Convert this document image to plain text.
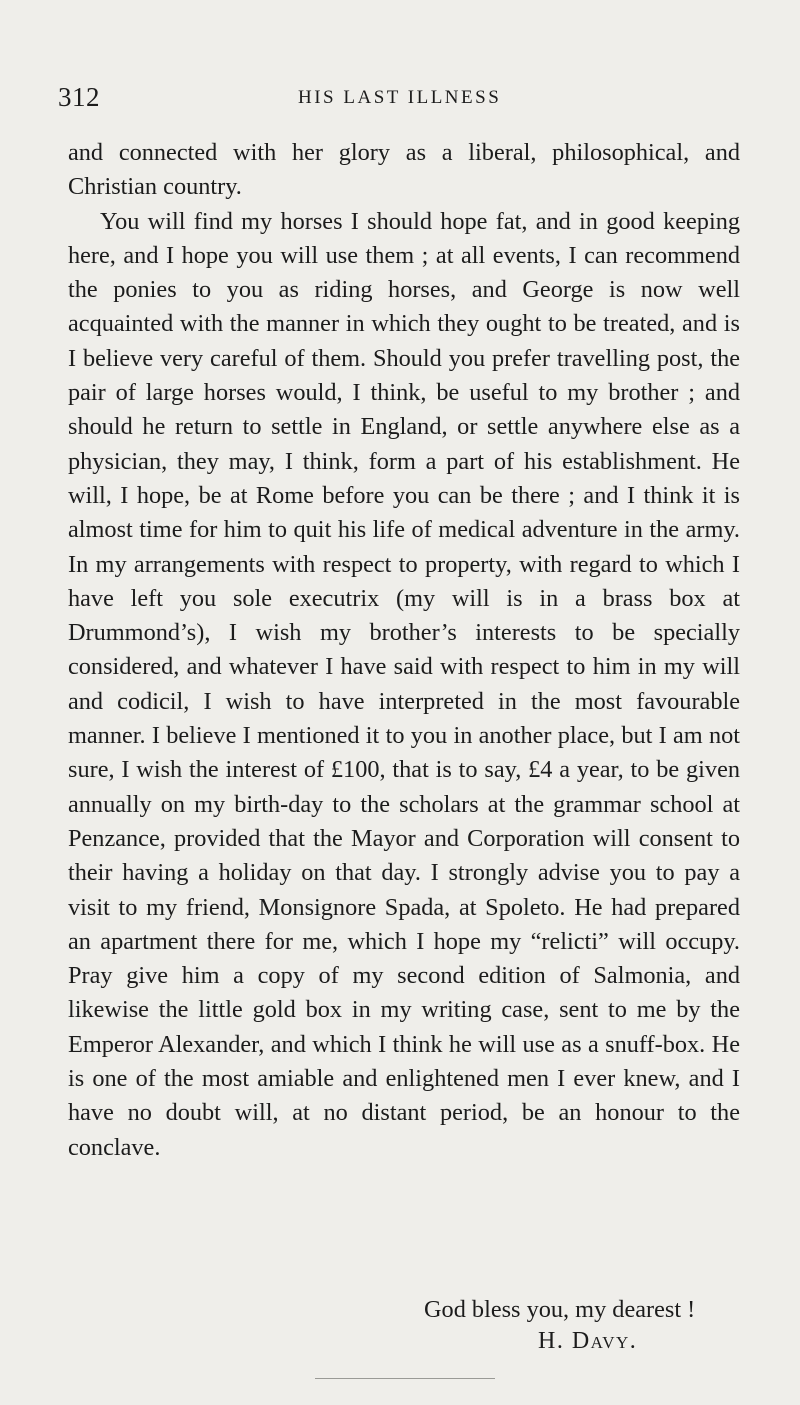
312	HIS LAST ILLNESS

and connected with her glory as a liberal, philosophical, and Christian country.

You will find my horses I should hope fat, and in good keeping here, and I hope you will use them ; at all events, I can recommend the ponies to you as riding horses, and George is now well acquainted with the manner in which they ought to be treated, and is I believe very careful of them. Should you prefer travelling post, the pair of large horses would, I think, be useful to my brother ; and should he return to settle in England, or settle anywhere else as a physician, they may, I think, form a part of his establishment. He will, I hope, be at Rome before you can be there ; and I think it is almost time for him to quit his life of medical adventure in the army. In my arrangements with respect to property, with regard to which I have left you sole executrix (my will is in a brass box at Drummond’s), I wish my brother’s interests to be specially considered, and whatever I have said with respect to him in my will and codicil, I wish to have interpreted in the most favourable manner. I believe I mentioned it to you in another place, but I am not sure, I wish the interest of £100, that is to say, £4 a year, to be given annually on my birth-day to the scholars at the grammar school at Penzance, provided that the Mayor and Corporation will consent to their having a holiday on that day. I strongly advise you to pay a visit to my friend, Monsignore Spada, at Spoleto. He had prepared an apartment there for me, which I hope my “relicti” will occupy. Pray give him a copy of my second edition of Salmonia, and likewise the little gold box in my writing case, sent to me by the Emperor Alexander, and which I think he will use as a snuff-box. He is one of the most amiable and enlightened men I ever knew, and I have no doubt will, at no distant period, be an honour to the conclave.

God bless you, my dearest !
H. Davy.
